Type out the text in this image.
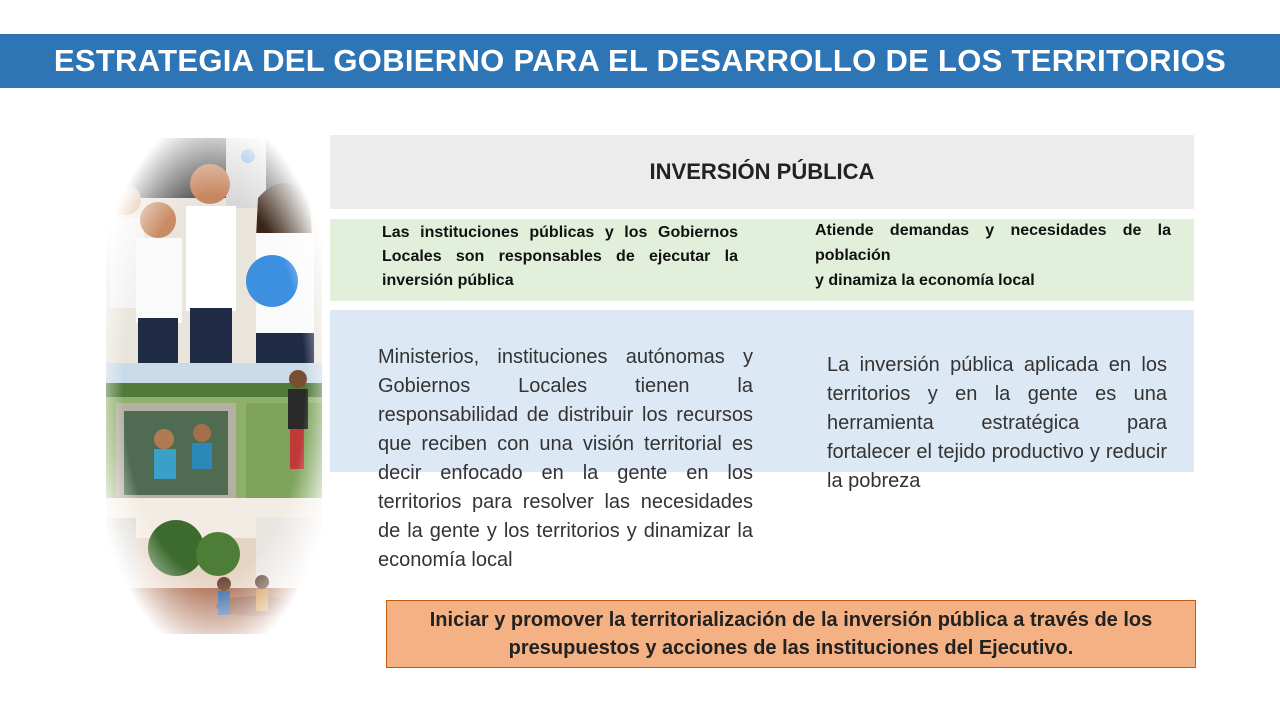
ESTRATEGIA DEL GOBIERNO PARA EL DESARROLLO DE LOS TERRITORIOS
INVERSIÓN PÚBLICA
Las instituciones públicas y los Gobiernos Locales son responsables de ejecutar la inversión pública
Atiende demandas y necesidades de la
población
y dinamiza la economía local
Ministerios, instituciones autónomas y Gobiernos Locales tienen la responsabilidad de distribuir los recursos que reciben con una visión territorial es decir enfocado en la gente en los territorios para resolver las necesidades de la gente y los territorios y dinamizar la economía local
La inversión pública aplicada en los territorios y en la gente es una herramienta estratégica para fortalecer el tejido productivo y reducir la pobreza
Iniciar y promover la territorialización de la inversión pública a través de los presupuestos y acciones de las instituciones del Ejecutivo.
